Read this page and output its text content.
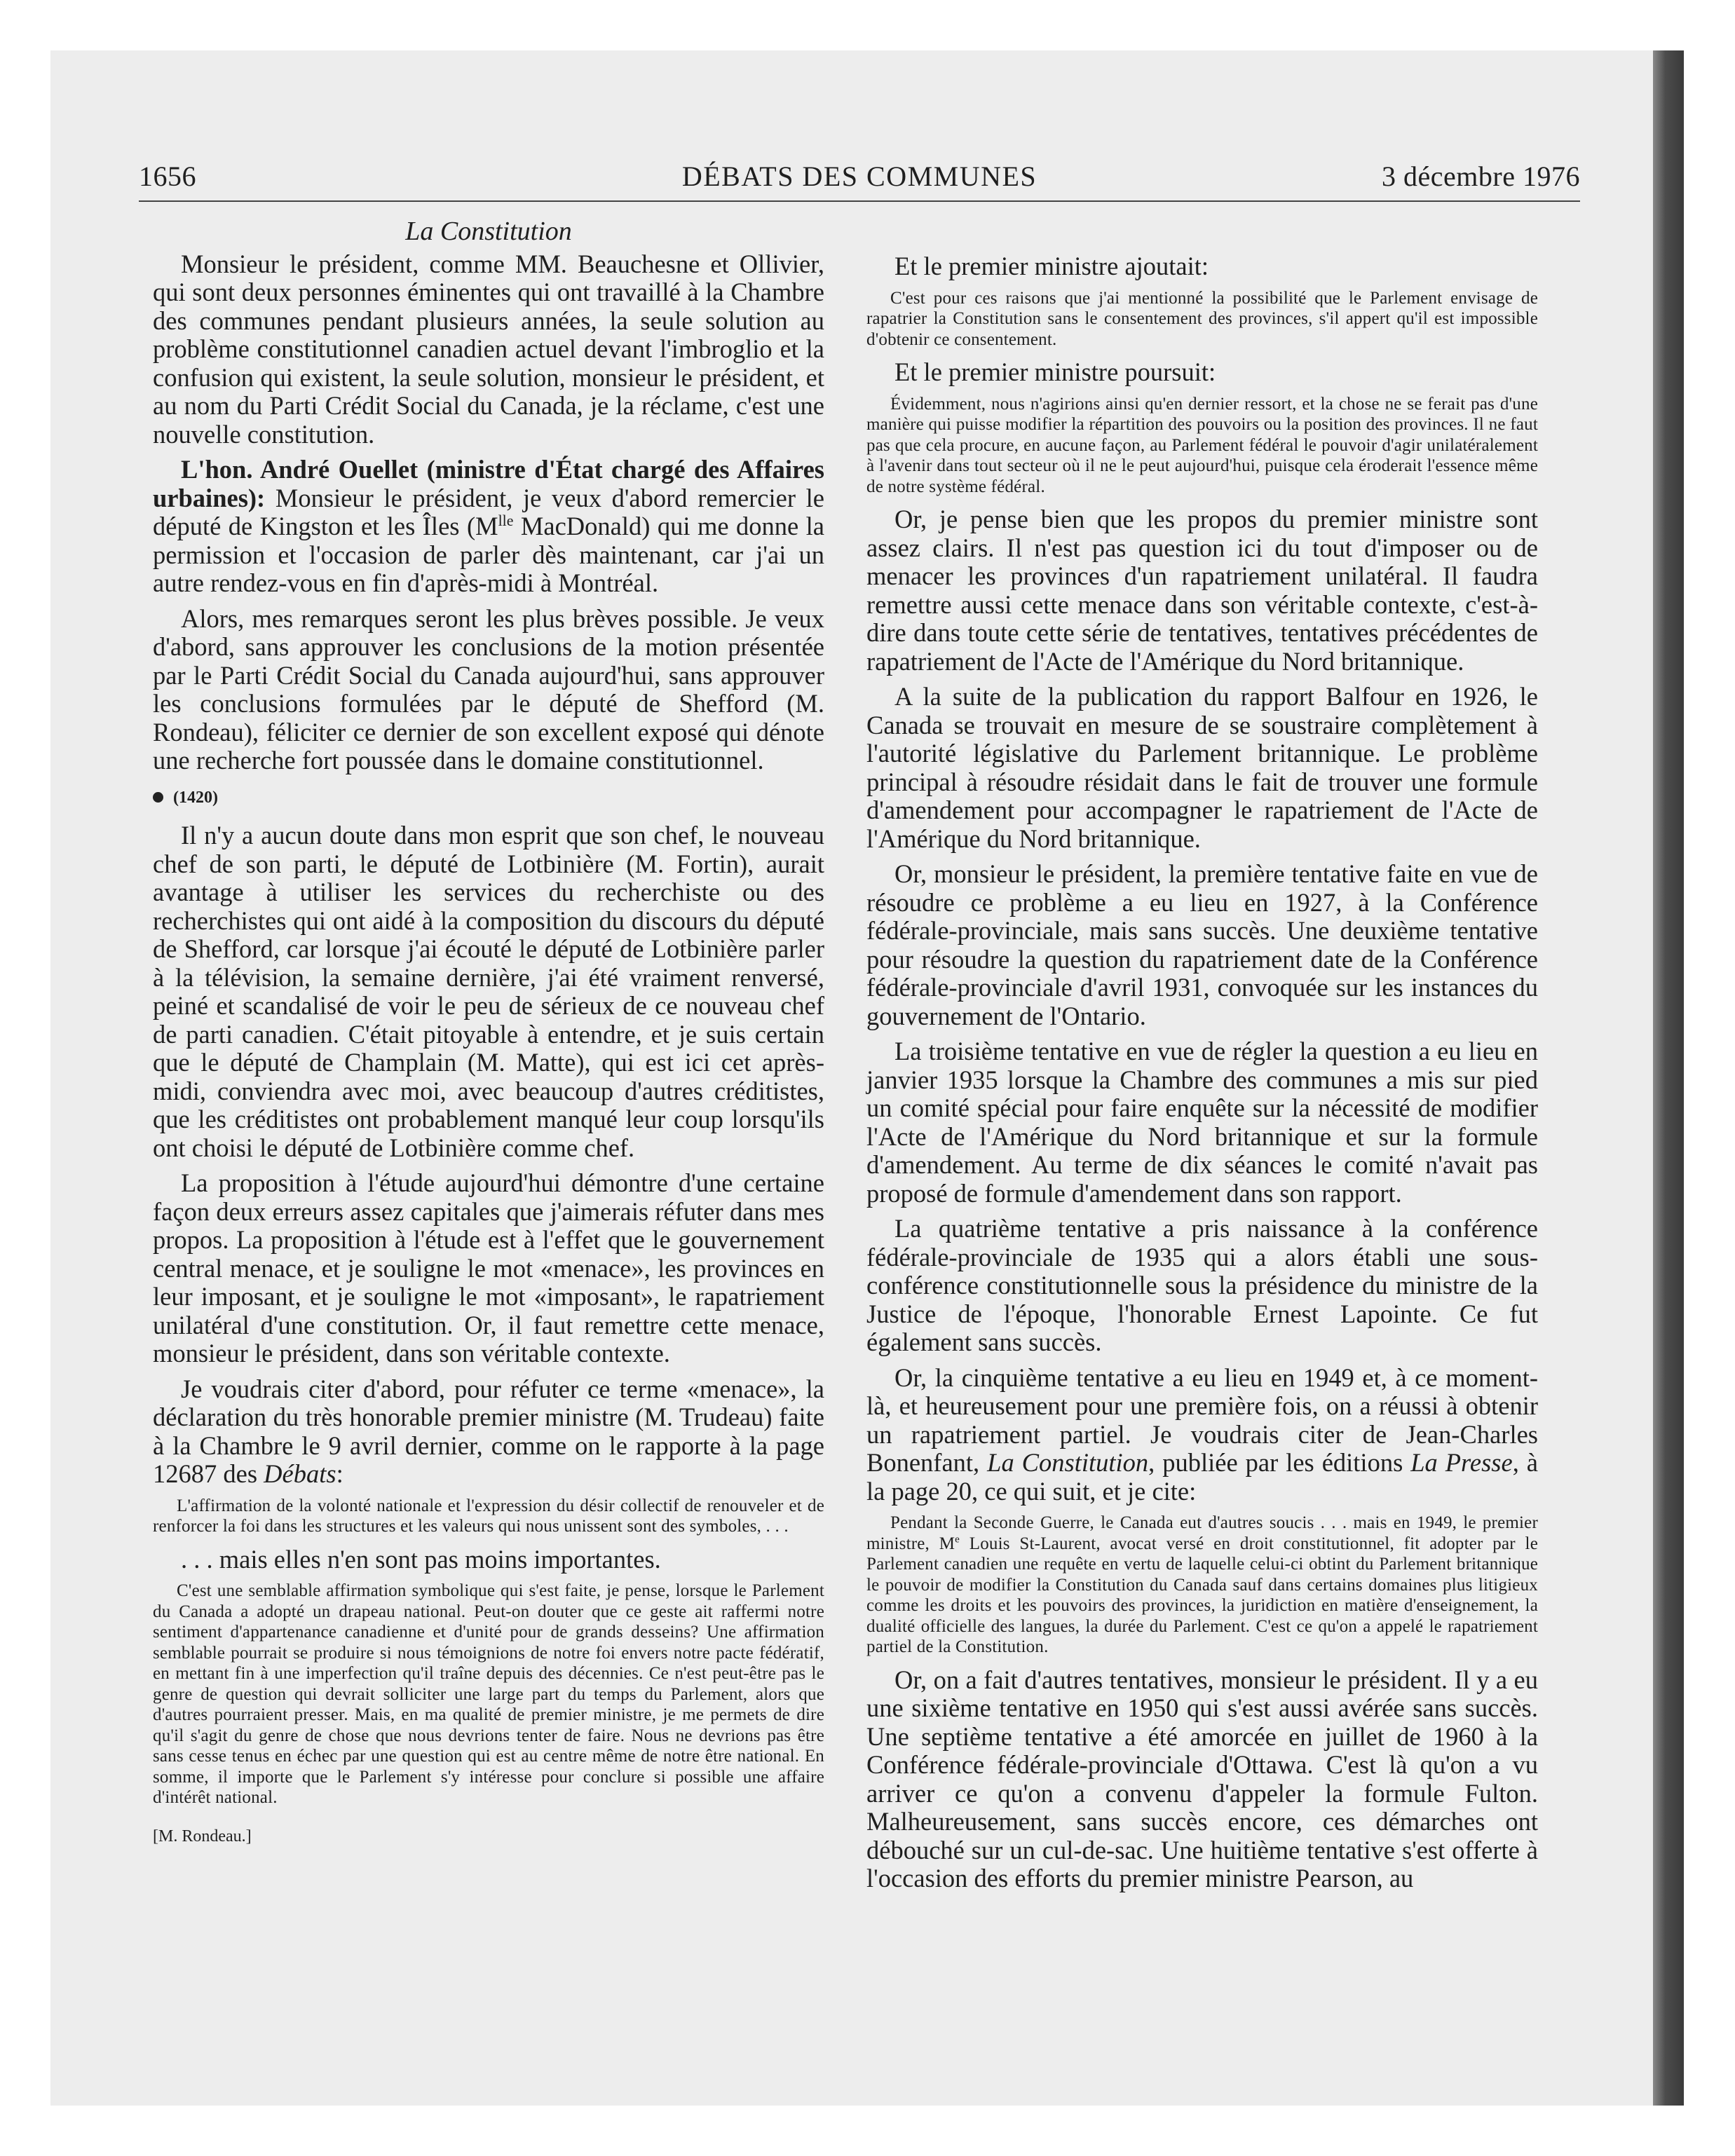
1656	DÉBATS DES COMMUNES	3 décembre 1976
La Constitution

Monsieur le président, comme MM. Beauchesne et Ollivier, qui sont deux personnes éminentes qui ont travaillé à la Chambre des communes pendant plusieurs années, la seule solution au problème constitutionnel canadien actuel devant l'imbroglio et la confusion qui existent, la seule solution, monsieur le président, et au nom du Parti Crédit Social du Canada, je la réclame, c'est une nouvelle constitution.

L'hon. André Ouellet (ministre d'État chargé des Affaires urbaines): Monsieur le président, je veux d'abord remercier le député de Kingston et les Îles ($M^{lle}$ MacDonald) qui me donne la permission et l'occasion de parler dès maintenant, car j'ai un autre rendez-vous en fin d'après-midi à Montréal.

Alors, mes remarques seront les plus brèves possible. Je veux d'abord, sans approuver les conclusions de la motion présentée par le Parti Crédit Social du Canada aujourd'hui, sans approuver les conclusions formulées par le député de Shefford (M. Rondeau), féliciter ce dernier de son excellent exposé qui dénote une recherche fort poussée dans le domaine constitutionnel.

(1420)

Il n'y a aucun doute dans mon esprit que son chef, le nouveau chef de son parti, le député de Lotbinière (M. Fortin), aurait avantage à utiliser les services du recherchiste ou des recherchistes qui ont aidé à la composition du discours du député de Shefford, car lorsque j'ai écouté le député de Lotbinière parler à la télévision, la semaine dernière, j'ai été vraiment renversé, peiné et scandalisé de voir le peu de sérieux de ce nouveau chef de parti canadien. C'était pitoyable à entendre, et je suis certain que le député de Champlain (M. Matte), qui est ici cet après-midi, conviendra avec moi, avec beaucoup d'autres créditistes, que les créditistes ont probablement manqué leur coup lorsqu'ils ont choisi le député de Lotbinière comme chef.

La proposition à l'étude aujourd'hui démontre d'une certaine façon deux erreurs assez capitales que j'aimerais réfuter dans mes propos. La proposition à l'étude est à l'effet que le gouvernement central menace, et je souligne le mot «menace», les provinces en leur imposant, et je souligne le mot «imposant», le rapatriement unilatéral d'une constitution. Or, il faut remettre cette menace, monsieur le président, dans son véritable contexte.

Je voudrais citer d'abord, pour réfuter ce terme «menace», la déclaration du très honorable premier ministre (M. Trudeau) faite à la Chambre le 9 avril dernier, comme on le rapporte à la page 12687 des Débats:

L'affirmation de la volonté nationale et l'expression du désir collectif de renouveler et de renforcer la foi dans les structures et les valeurs qui nous unissent sont des symboles, . . .

. . . mais elles n'en sont pas moins importantes.

C'est une semblable affirmation symbolique qui s'est faite, je pense, lorsque le Parlement du Canada a adopté un drapeau national. Peut-on douter que ce geste ait raffermi notre sentiment d'appartenance canadienne et d'unité pour de grands desseins? Une affirmation semblable pourrait se produire si nous témoignions de notre foi envers notre pacte fédératif, en mettant fin à une imperfection qu'il traîne depuis des décennies. Ce n'est peut-être pas le genre de question qui devrait solliciter une large part du temps du Parlement, alors que d'autres pourraient presser. Mais, en ma qualité de premier ministre, je me permets de dire qu'il s'agit du genre de chose que nous devrions tenter de faire. Nous ne devrions pas être sans cesse tenus en échec par une question qui est au centre même de notre être national. En somme, il importe que le Parlement s'y intéresse pour conclure si possible une affaire d'intérêt national.

[M. Rondeau.]

Et le premier ministre ajoutait:

C'est pour ces raisons que j'ai mentionné la possibilité que le Parlement envisage de rapatrier la Constitution sans le consentement des provinces, s'il appert qu'il est impossible d'obtenir ce consentement.

Et le premier ministre poursuit:

Évidemment, nous n'agirions ainsi qu'en dernier ressort, et la chose ne se ferait pas d'une manière qui puisse modifier la répartition des pouvoirs ou la position des provinces. Il ne faut pas que cela procure, en aucune façon, au Parlement fédéral le pouvoir d'agir unilatéralement à l'avenir dans tout secteur où il ne le peut aujourd'hui, puisque cela éroderait l'essence même de notre système fédéral.

Or, je pense bien que les propos du premier ministre sont assez clairs. Il n'est pas question ici du tout d'imposer ou de menacer les provinces d'un rapatriement unilatéral. Il faudra remettre aussi cette menace dans son véritable contexte, c'est-à-dire dans toute cette série de tentatives, tentatives précédentes de rapatriement de l'Acte de l'Amérique du Nord britannique.

A la suite de la publication du rapport Balfour en 1926, le Canada se trouvait en mesure de se soustraire complètement à l'autorité législative du Parlement britannique. Le problème principal à résoudre résidait dans le fait de trouver une formule d'amendement pour accompagner le rapatriement de l'Acte de l'Amérique du Nord britannique.

Or, monsieur le président, la première tentative faite en vue de résoudre ce problème a eu lieu en 1927, à la Conférence fédérale-provinciale, mais sans succès. Une deuxième tentative pour résoudre la question du rapatriement date de la Conférence fédérale-provinciale d'avril 1931, convoquée sur les instances du gouvernement de l'Ontario.

La troisième tentative en vue de régler la question a eu lieu en janvier 1935 lorsque la Chambre des communes a mis sur pied un comité spécial pour faire enquête sur la nécessité de modifier l'Acte de l'Amérique du Nord britannique et sur la formule d'amendement. Au terme de dix séances le comité n'avait pas proposé de formule d'amendement dans son rapport.

La quatrième tentative a pris naissance à la conférence fédérale-provinciale de 1935 qui a alors établi une sous-conférence constitutionnelle sous la présidence du ministre de la Justice de l'époque, l'honorable Ernest Lapointe. Ce fut également sans succès.

Or, la cinquième tentative a eu lieu en 1949 et, à ce moment-là, et heureusement pour une première fois, on a réussi à obtenir un rapatriement partiel. Je voudrais citer de Jean-Charles Bonenfant, La Constitution, publiée par les éditions La Presse, à la page 20, ce qui suit, et je cite:

Pendant la Seconde Guerre, le Canada eut d'autres soucis . . . mais en 1949, le premier ministre, Me Louis St-Laurent, avocat versé en droit constitutionnel, fit adopter par le Parlement canadien une requête en vertu de laquelle celui-ci obtint du Parlement britannique le pouvoir de modifier la Constitution du Canada sauf dans certains domaines plus litigieux comme les droits et les pouvoirs des provinces, la juridiction en matière d'enseignement, la dualité officielle des langues, la durée du Parlement. C'est ce qu'on a appelé le rapatriement partiel de la Constitution.

Or, on a fait d'autres tentatives, monsieur le président. Il y a eu une sixième tentative en 1950 qui s'est aussi avérée sans succès. Une septième tentative a été amorcée en juillet de 1960 à la Conférence fédérale-provinciale d'Ottawa. C'est là qu'on a vu arriver ce qu'on a convenu d'appeler la formule Fulton. Malheureusement, sans succès encore, ces démarches ont débouché sur un cul-de-sac. Une huitième tentative s'est offerte à l'occasion des efforts du premier ministre Pearson, au
